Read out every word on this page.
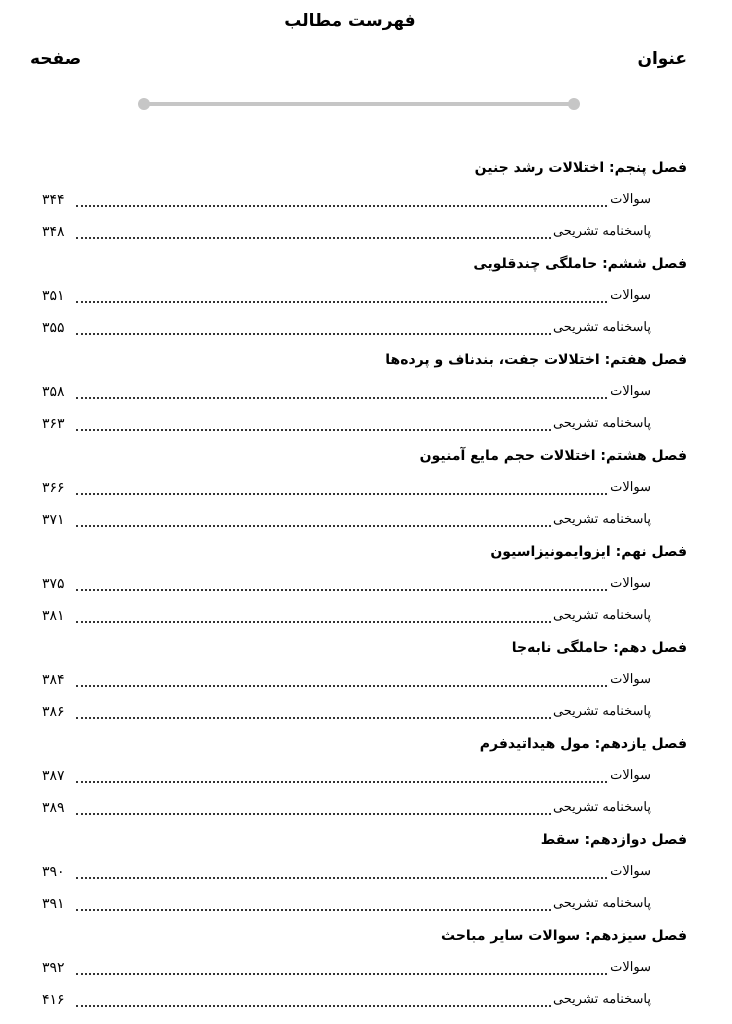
فهرست مطالب
عنوان
صفحه
فصل پنجم: اختلالات رشد جنین
سوالات
۳۴۴
پاسخنامه تشریحی
۳۴۸
فصل ششم: حاملگی چندقلویی
سوالات
۳۵۱
پاسخنامه تشریحی
۳۵۵
فصل هفتم: اختلالات جفت، بندناف و پرده‌ها
سوالات
۳۵۸
پاسخنامه تشریحی
۳۶۳
فصل هشتم: اختلالات حجم مایع آمنیون
سوالات
۳۶۶
پاسخنامه تشریحی
۳۷۱
فصل نهم: ایزوایمونیزاسیون
سوالات
۳۷۵
پاسخنامه تشریحی
۳۸۱
فصل دهم: حاملگی نابه‌جا
سوالات
۳۸۴
پاسخنامه تشریحی
۳۸۶
فصل یازدهم: مول هیداتیدفرم
سوالات
۳۸۷
پاسخنامه تشریحی
۳۸۹
فصل دوازدهم: سقط
سوالات
۳۹۰
پاسخنامه تشریحی
۳۹۱
فصل سیزدهم: سوالات سایر مباحث
سوالات
۳۹۲
پاسخنامه تشریحی
۴۱۶
